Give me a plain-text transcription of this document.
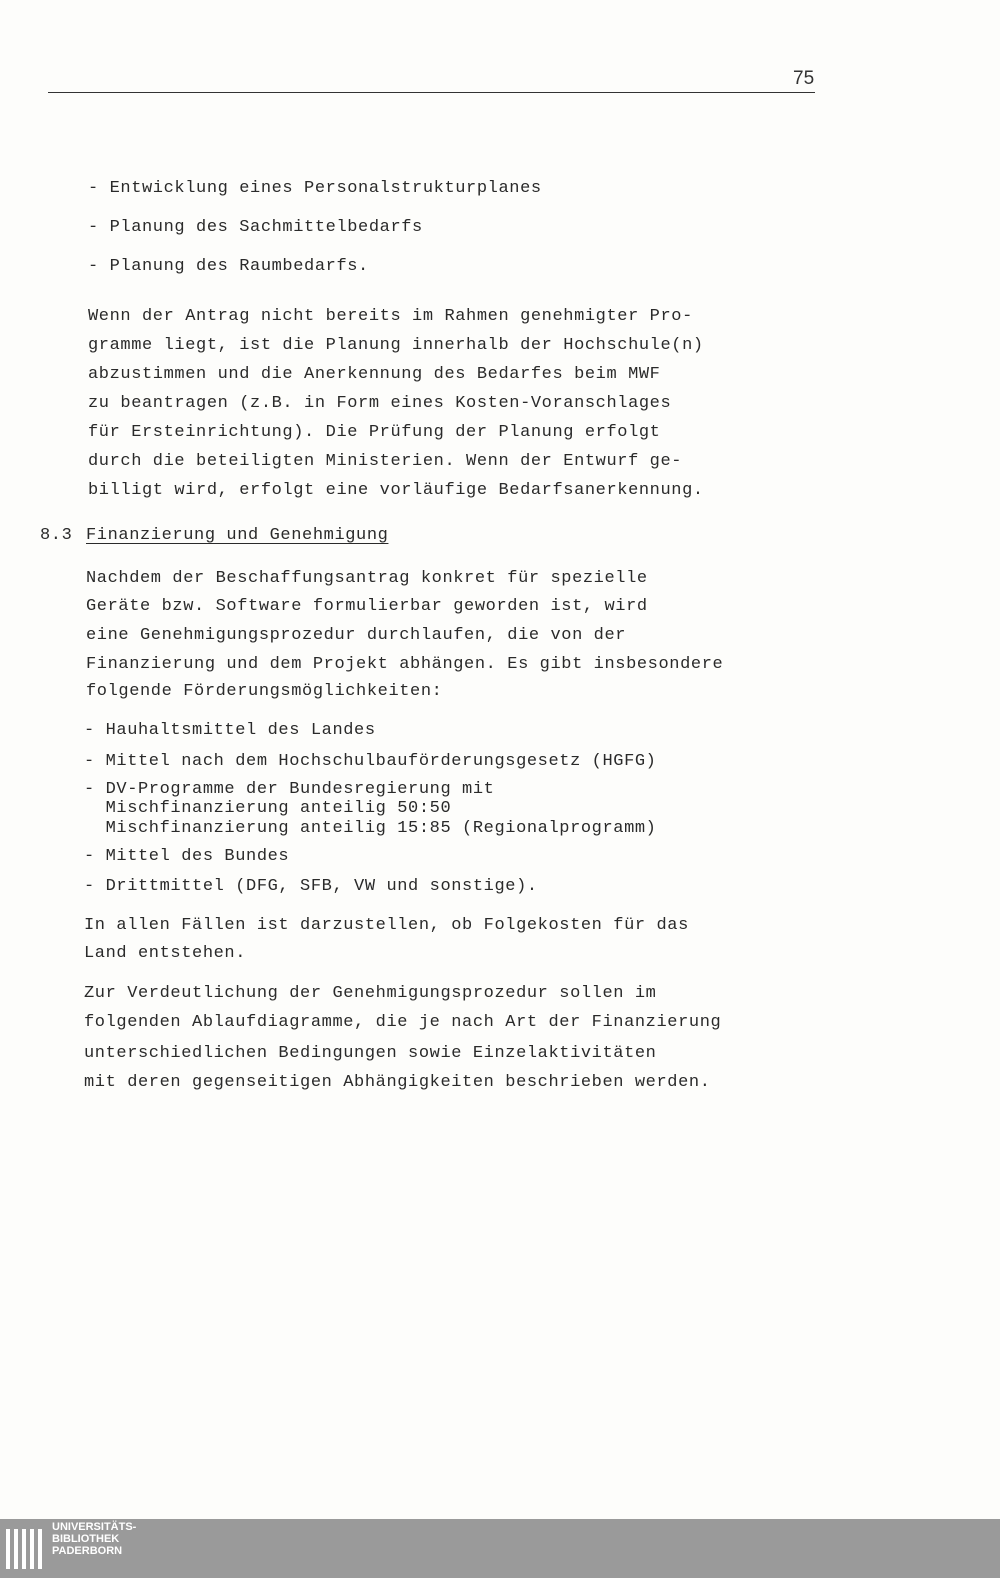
75
- Entwicklung eines Personalstrukturplanes
- Planung des Sachmittelbedarfs
- Planung des Raumbedarfs.
Wenn der Antrag nicht bereits im Rahmen genehmigter Pro-
gramme liegt, ist die Planung innerhalb der Hochschule(n)
abzustimmen und die Anerkennung des Bedarfes beim MWF
zu beantragen (z.B. in Form eines Kosten-Voranschlages
für Ersteinrichtung). Die Prüfung der Planung erfolgt
durch die beteiligten Ministerien. Wenn der Entwurf ge-
billigt wird, erfolgt eine vorläufige Bedarfsanerkennung.
8.3 Finanzierung und Genehmigung
Nachdem der Beschaffungsantrag konkret für spezielle
Geräte bzw. Software formulierbar geworden ist, wird
eine Genehmigungsprozedur durchlaufen, die von der
Finanzierung und dem Projekt abhängen. Es gibt insbesondere
folgende Förderungsmöglichkeiten:
- Hauhaltsmittel des Landes
- Mittel nach dem Hochschulbauförderungsgesetz (HGFG)
- DV-Programme der Bundesregierung mit
Mischfinanzierung anteilig 50:50
Mischfinanzierung anteilig 15:85 (Regionalprogramm)
- Mittel des Bundes
- Drittmittel (DFG, SFB, VW und sonstige).
In allen Fällen ist darzustellen, ob Folgekosten für das
Land entstehen.
Zur Verdeutlichung der Genehmigungsprozedur sollen im
folgenden Ablaufdiagramme, die je nach Art der Finanzierung
unterschiedlichen Bedingungen sowie Einzelaktivitäten
mit deren gegenseitigen Abhängigkeiten beschrieben werden.
UNIVERSITÄTS-
BIBLIOTHEK
PADERBORN
